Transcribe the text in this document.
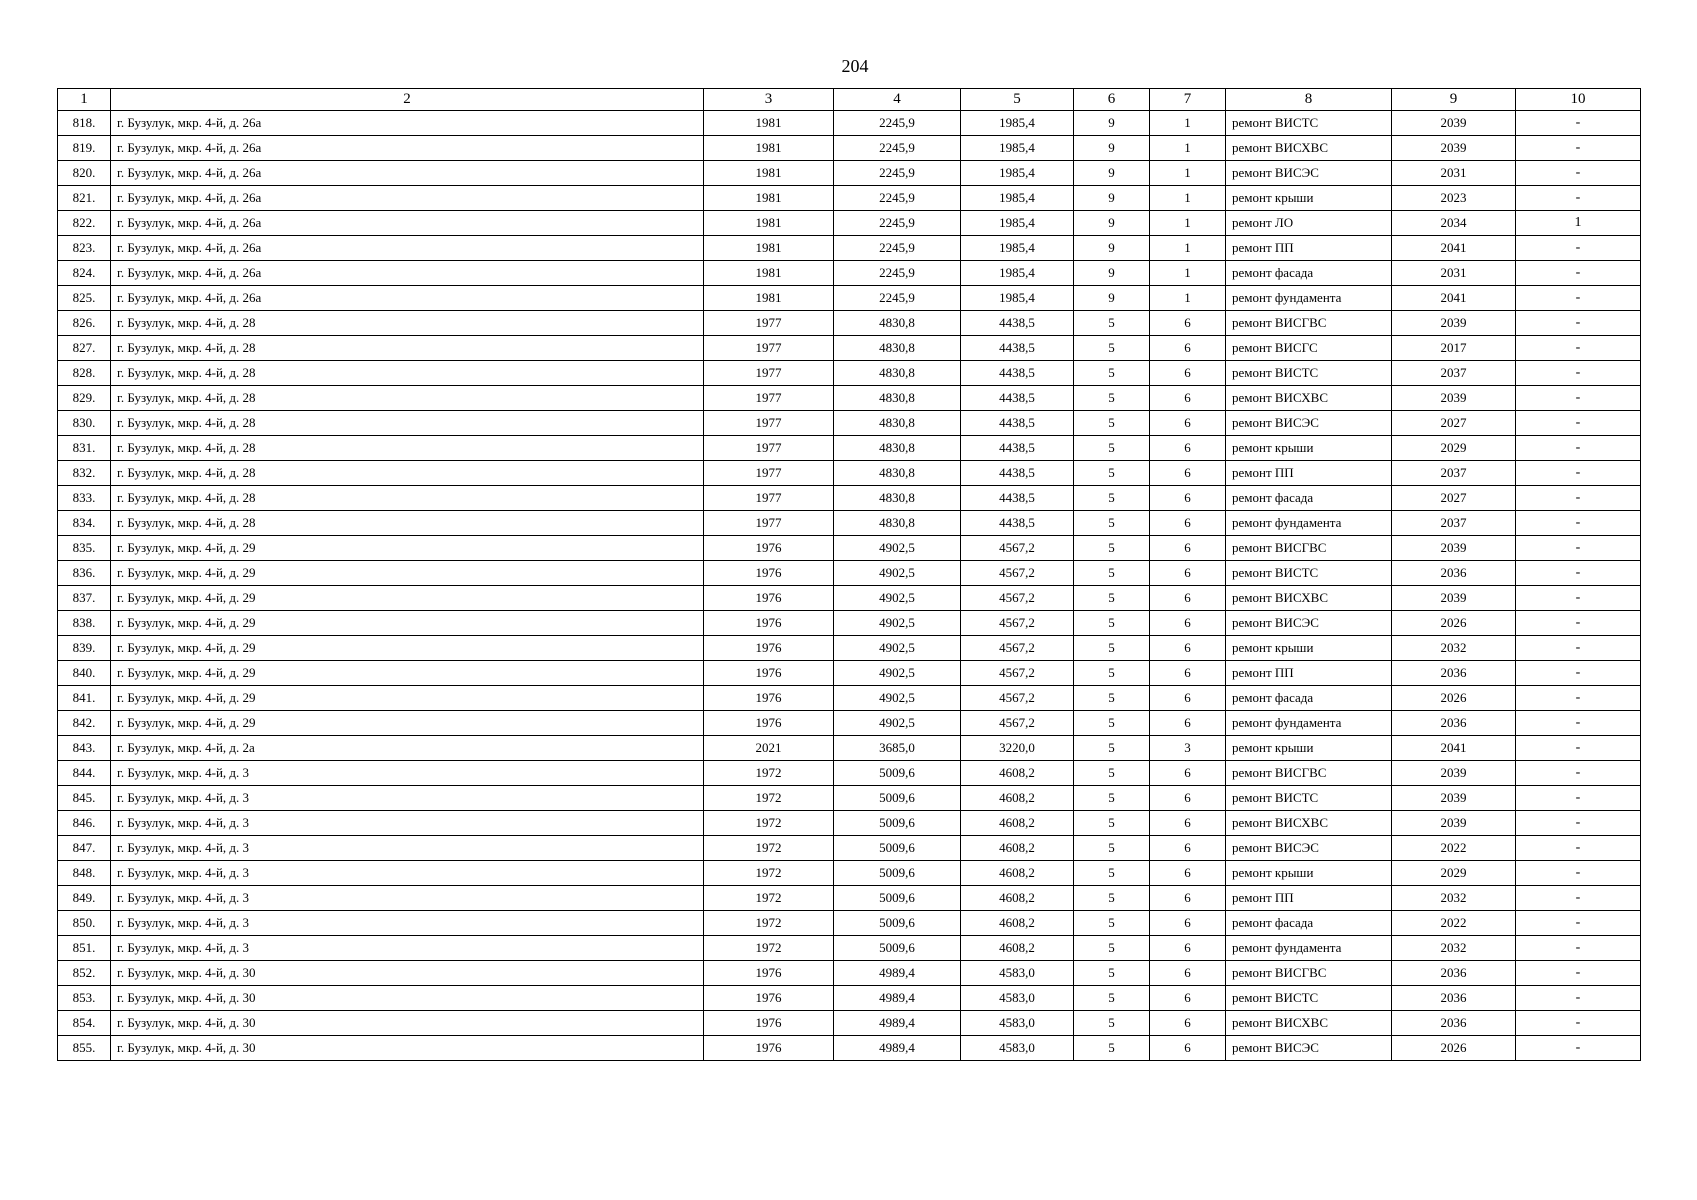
204
1	2	3	4	5	6	7	8	9	10
818.	г. Бузулук, мкр. 4-й, д. 26а	1981	2245,9	1985,4	9	1	ремонт ВИСТС	2039	-
819.	г. Бузулук, мкр. 4-й, д. 26а	1981	2245,9	1985,4	9	1	ремонт ВИСХВС	2039	-
820.	г. Бузулук, мкр. 4-й, д. 26а	1981	2245,9	1985,4	9	1	ремонт ВИСЭС	2031	-
821.	г. Бузулук, мкр. 4-й, д. 26а	1981	2245,9	1985,4	9	1	ремонт крыши	2023	-
822.	г. Бузулук, мкр. 4-й, д. 26а	1981	2245,9	1985,4	9	1	ремонт ЛО	2034	1
823.	г. Бузулук, мкр. 4-й, д. 26а	1981	2245,9	1985,4	9	1	ремонт ПП	2041	-
824.	г. Бузулук, мкр. 4-й, д. 26а	1981	2245,9	1985,4	9	1	ремонт фасада	2031	-
825.	г. Бузулук, мкр. 4-й, д. 26а	1981	2245,9	1985,4	9	1	ремонт фундамента	2041	-
826.	г. Бузулук, мкр. 4-й, д. 28	1977	4830,8	4438,5	5	6	ремонт ВИСГВС	2039	-
827.	г. Бузулук, мкр. 4-й, д. 28	1977	4830,8	4438,5	5	6	ремонт ВИСГС	2017	-
828.	г. Бузулук, мкр. 4-й, д. 28	1977	4830,8	4438,5	5	6	ремонт ВИСТС	2037	-
829.	г. Бузулук, мкр. 4-й, д. 28	1977	4830,8	4438,5	5	6	ремонт ВИСХВС	2039	-
830.	г. Бузулук, мкр. 4-й, д. 28	1977	4830,8	4438,5	5	6	ремонт ВИСЭС	2027	-
831.	г. Бузулук, мкр. 4-й, д. 28	1977	4830,8	4438,5	5	6	ремонт крыши	2029	-
832.	г. Бузулук, мкр. 4-й, д. 28	1977	4830,8	4438,5	5	6	ремонт ПП	2037	-
833.	г. Бузулук, мкр. 4-й, д. 28	1977	4830,8	4438,5	5	6	ремонт фасада	2027	-
834.	г. Бузулук, мкр. 4-й, д. 28	1977	4830,8	4438,5	5	6	ремонт фундамента	2037	-
835.	г. Бузулук, мкр. 4-й, д. 29	1976	4902,5	4567,2	5	6	ремонт ВИСГВС	2039	-
836.	г. Бузулук, мкр. 4-й, д. 29	1976	4902,5	4567,2	5	6	ремонт ВИСТС	2036	-
837.	г. Бузулук, мкр. 4-й, д. 29	1976	4902,5	4567,2	5	6	ремонт ВИСХВС	2039	-
838.	г. Бузулук, мкр. 4-й, д. 29	1976	4902,5	4567,2	5	6	ремонт ВИСЭС	2026	-
839.	г. Бузулук, мкр. 4-й, д. 29	1976	4902,5	4567,2	5	6	ремонт крыши	2032	-
840.	г. Бузулук, мкр. 4-й, д. 29	1976	4902,5	4567,2	5	6	ремонт ПП	2036	-
841.	г. Бузулук, мкр. 4-й, д. 29	1976	4902,5	4567,2	5	6	ремонт фасада	2026	-
842.	г. Бузулук, мкр. 4-й, д. 29	1976	4902,5	4567,2	5	6	ремонт фундамента	2036	-
843.	г. Бузулук, мкр. 4-й, д. 2а	2021	3685,0	3220,0	5	3	ремонт крыши	2041	-
844.	г. Бузулук, мкр. 4-й, д. 3	1972	5009,6	4608,2	5	6	ремонт ВИСГВС	2039	-
845.	г. Бузулук, мкр. 4-й, д. 3	1972	5009,6	4608,2	5	6	ремонт ВИСТС	2039	-
846.	г. Бузулук, мкр. 4-й, д. 3	1972	5009,6	4608,2	5	6	ремонт ВИСХВС	2039	-
847.	г. Бузулук, мкр. 4-й, д. 3	1972	5009,6	4608,2	5	6	ремонт ВИСЭС	2022	-
848.	г. Бузулук, мкр. 4-й, д. 3	1972	5009,6	4608,2	5	6	ремонт крыши	2029	-
849.	г. Бузулук, мкр. 4-й, д. 3	1972	5009,6	4608,2	5	6	ремонт ПП	2032	-
850.	г. Бузулук, мкр. 4-й, д. 3	1972	5009,6	4608,2	5	6	ремонт фасада	2022	-
851.	г. Бузулук, мкр. 4-й, д. 3	1972	5009,6	4608,2	5	6	ремонт фундамента	2032	-
852.	г. Бузулук, мкр. 4-й, д. 30	1976	4989,4	4583,0	5	6	ремонт ВИСГВС	2036	-
853.	г. Бузулук, мкр. 4-й, д. 30	1976	4989,4	4583,0	5	6	ремонт ВИСТС	2036	-
854.	г. Бузулук, мкр. 4-й, д. 30	1976	4989,4	4583,0	5	6	ремонт ВИСХВС	2036	-
855.	г. Бузулук, мкр. 4-й, д. 30	1976	4989,4	4583,0	5	6	ремонт ВИСЭС	2026	-
